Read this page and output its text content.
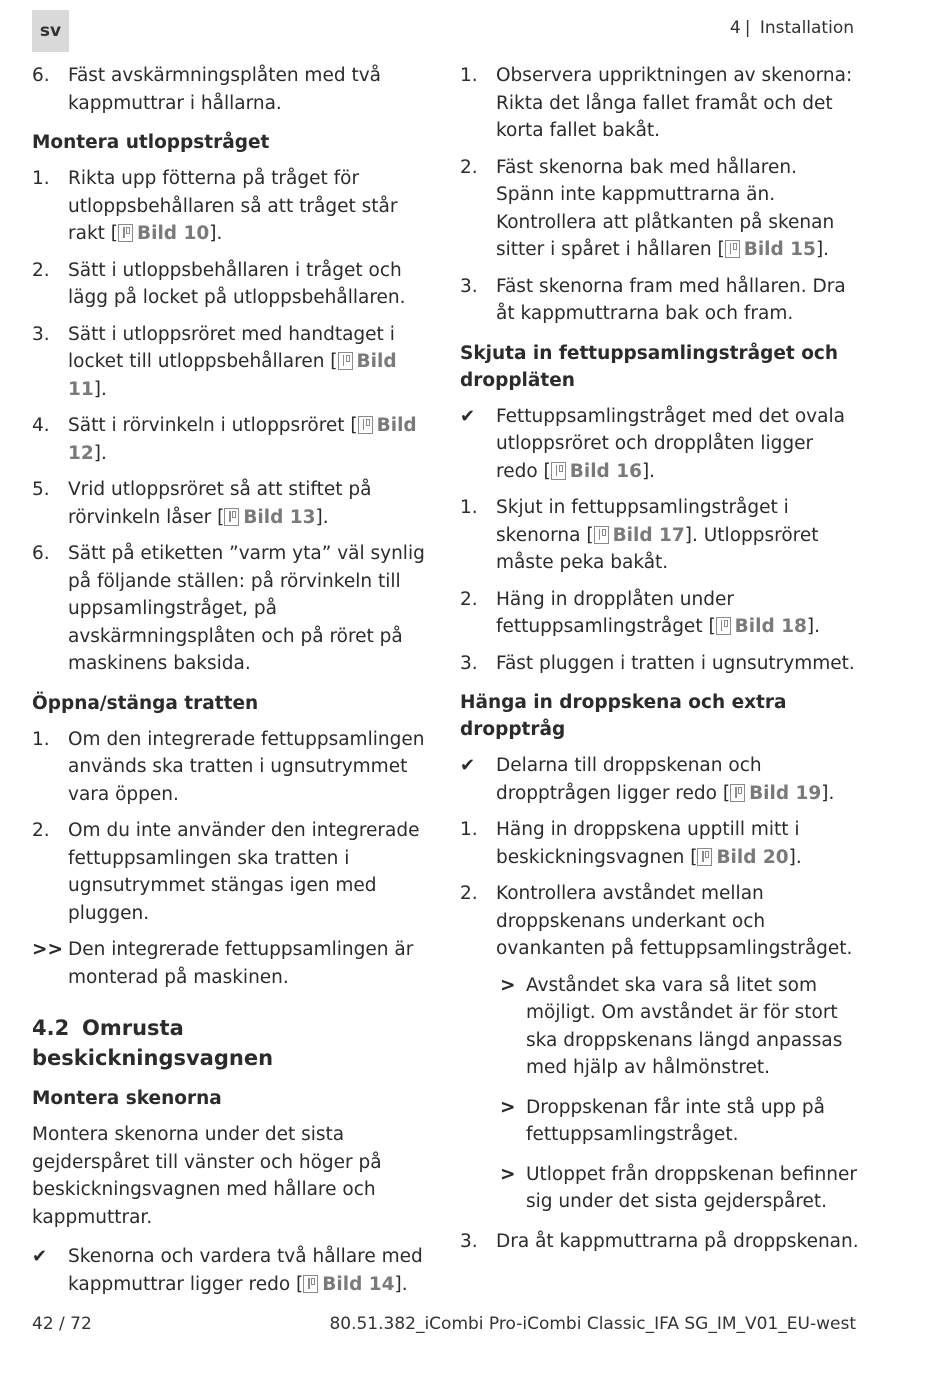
sv	4 | Installation
6. Fäst avskärmningsplåten med två kappmuttrar i hållarna.
Montera utloppstråget
1. Rikta upp fötterna på tråget för utloppsbehållaren så att tråget står rakt [ Bild 10].
2. Sätt i utloppsbehållaren i tråget och lägg på locket på utloppsbehållaren.
3. Sätt i utloppsröret med handtaget i locket till utloppsbehållaren [ Bild 11].
4. Sätt i rörvinkeln i utloppsröret [ Bild 12].
5. Vrid utloppsröret så att stiftet på rörvinkeln låser [ Bild 13].
6. Sätt på etiketten ”varm yta” väl synlig på följande ställen: på rörvinkeln till uppsamlingstråget, på avskärmningsplåten och på röret på maskinens baksida.
Öppna/stänga tratten
1. Om den integrerade fettuppsamlingen används ska tratten i ugnsutrymmet vara öppen.
2. Om du inte använder den integrerade fettuppsamlingen ska tratten i ugnsutrymmet stängas igen med pluggen.
>> Den integrerade fettuppsamlingen är monterad på maskinen.
4.2 Omrusta beskickningsvagnen
Montera skenorna
Montera skenorna under det sista gejderspåret till vänster och höger på beskickningsvagnen med hållare och kappmuttrar.
✔ Skenorna och vardera två hållare med kappmuttrar ligger redo [ Bild 14].
1. Observera uppriktningen av skenorna: Rikta det långa fallet framåt och det korta fallet bakåt.
2. Fäst skenorna bak med hållaren. Spänn inte kappmuttrarna än. Kontrollera att plåtkanten på skenan sitter i spåret i hållaren [ Bild 15].
3. Fäst skenorna fram med hållaren. Dra åt kappmuttrarna bak och fram.
Skjuta in fettuppsamlingstråget och droppläten
✔ Fettuppsamlingstråget med det ovala utloppsröret och dropplåten ligger redo [ Bild 16].
1. Skjut in fettuppsamlingstråget i skenorna [ Bild 17]. Utloppsröret måste peka bakåt.
2. Häng in dropplåten under fettuppsamlingstråget [ Bild 18].
3. Fäst pluggen i tratten i ugnsutrymmet.
Hänga in droppskena och extra dropptråg
✔ Delarna till droppskenan och dropptrågen ligger redo [ Bild 19].
1. Häng in droppskena upptill mitt i beskickningsvagnen [ Bild 20].
2. Kontrollera avståndet mellan droppskenans underkant och ovankanten på fettuppsamlingstråget.
> Avståndet ska vara så litet som möjligt. Om avståndet är för stort ska droppskenans längd anpassas med hjälp av hålmönstret.
> Droppskenan får inte stå upp på fettuppsamlingstråget.
> Utloppet från droppskenan befinner sig under det sista gejderspåret.
3. Dra åt kappmuttrarna på droppskenan.
42 / 72	80.51.382_iCombi Pro-iCombi Classic_IFA SG_IM_V01_EU-west
